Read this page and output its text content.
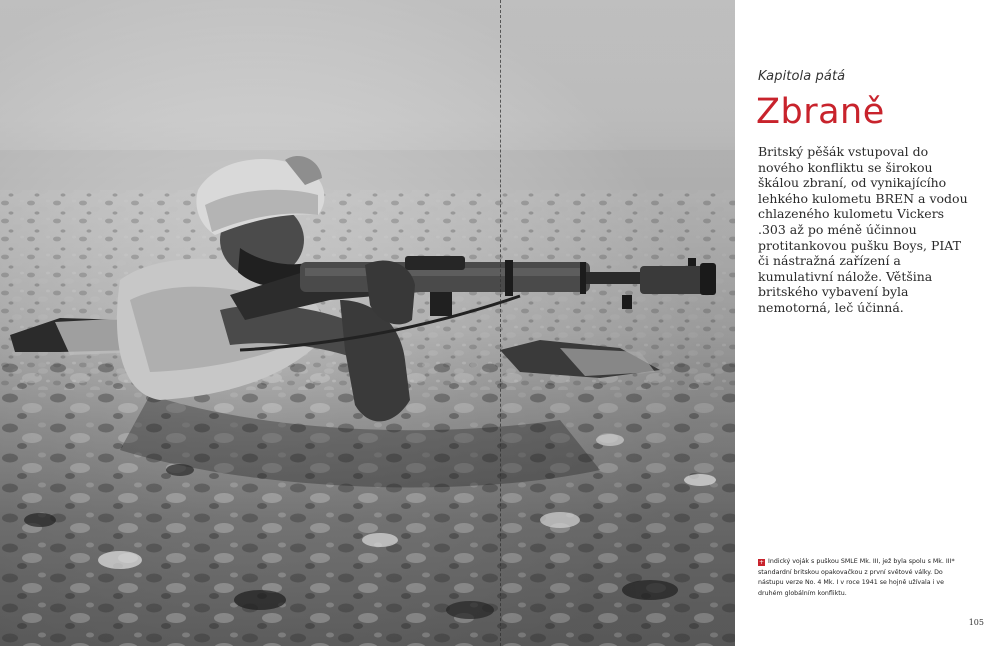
Kapitola pátá
Zbraně
Britský pěšák vstupoval do nového konfliktu se širokou škálou zbraní, od vynikajícího lehkého kulometu BREN a vodou chlazeného kulometu Vickers .303 až po méně účinnou protitankovou pušku Boys, PIAT či nástražná zařízení a kumulativní nálože. Většina britského vybavení byla nemotorná, leč účinná.
+ Indický voják s puškou SMLE Mk. III, jež byla spolu s Mk. III* standardní britskou opakovačkou z první světové války. Do nástupu verze No. 4 Mk. I v roce 1941 se hojně užívala i ve druhém globálním konfliktu.
105
